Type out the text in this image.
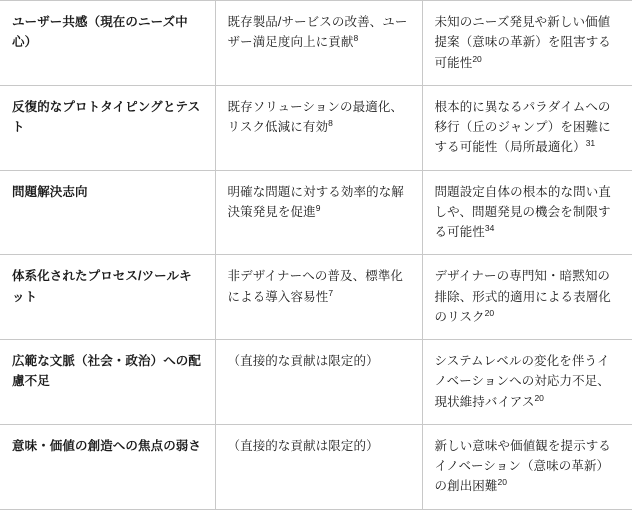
ユーザー共感（現在のニーズ中心）	既存製品/サービスの改善、ユーザー満足度向上に貢献$^8$	未知のニーズ発見や新しい価値提案（意味の革新）を阻害する可能性$^{20}$

反復的なプロトタイピングとテスト	既存ソリューションの最適化、リスク低減に有効$^8$	根本的に異なるパラダイムへの移行（丘のジャンプ）を困難にする可能性（局所最適化）$^{31}$

問題解決志向	明確な問題に対する効率的な解決策発見を促進$^9$	問題設定自体の根本的な問い直しや、問題発見の機会を制限する可能性$^{34}$

体系化されたプロセス/ツールキット	非デザイナーへの普及、標準化による導入容易性$^7$	デザイナーの専門知・暗黙知の排除、形式的適用による表層化のリスク$^{20}$

広範な文脈（社会・政治）への配慮不足	（直接的な貢献は限定的）	システムレベルの変化を伴うイノベーションへの対応力不足、現状維持バイアス$^{20}$

意味・価値の創造への焦点の弱さ	（直接的な貢献は限定的）	新しい意味や価値観を提示するイノベーション（意味の革新）の創出困難$^{20}$
